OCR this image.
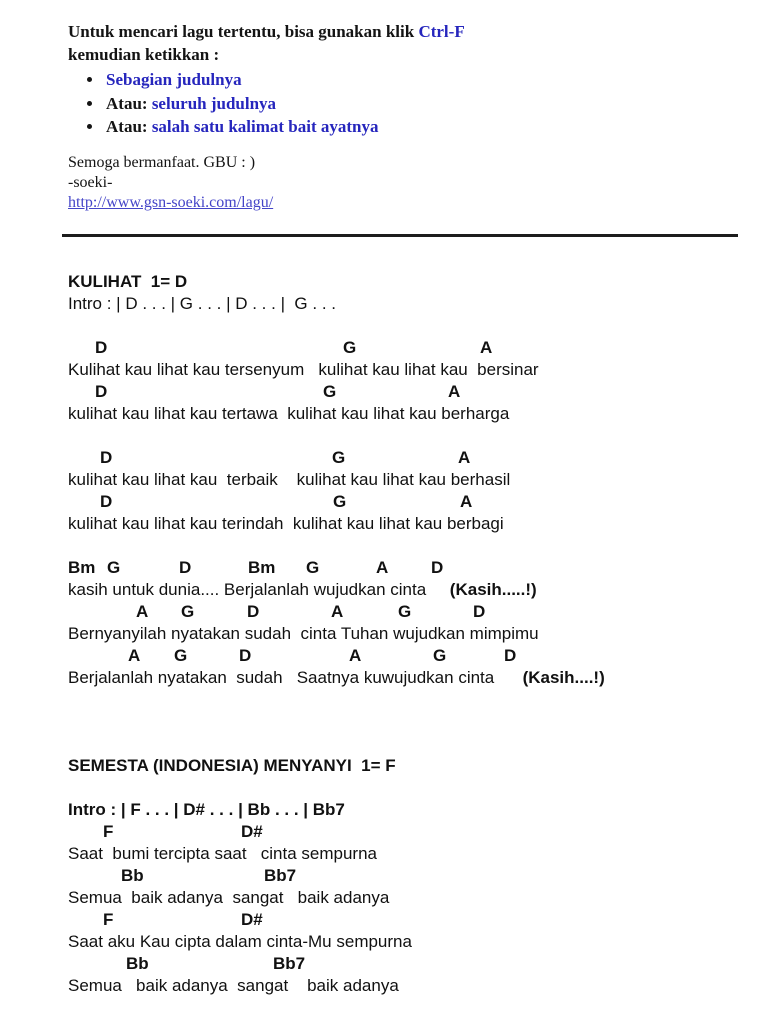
Untuk mencari lagu tertentu, bisa gunakan klik Ctrl-F
kemudian ketikkan :
• Sebagian judulnya
• Atau: seluruh judulnya
• Atau: salah satu kalimat bait ayatnya
Semoga bermanfaat. GBU : )
-soeki-
http://www.gsn-soeki.com/lagu/
KULIHAT  1= D
Intro : | D . . . | G . . . | D . . . |  G . . .

D

	G

	A

Kulihat kau lihat kau tersenyum   kulihat kau lihat kau  bersinar

D

	G

	A

kulihat kau lihat kau tertawa  kulihat kau lihat kau berharga

D

	G

	A

kulihat kau lihat kau  terbaik    kulihat kau lihat kau berhasil

D

	G

	A

kulihat kau lihat kau terindah  kulihat kau lihat kau berbagi

Bm

G

	D

	Bm

G

	A

	D

kasih untuk dunia.... Berjalanlah wujudkan cinta     (Kasih.....!)

A

G

	D

	A

	G

	D

Bernyanyilah nyatakan sudah  cinta Tuhan wujudkan mimpimu

A

G

	D

	A

	G

	D

Berjalanlah nyatakan  sudah   Saatnya kuwujudkan cinta      (Kasih....!)
SEMESTA (INDONESIA) MENYANYI  1= F
Intro : | F . . . | D# . . . | Bb . . . | Bb7

F

	D#

Saat  bumi tercipta saat   cinta sempurna

Bb

	Bb7

Semua  baik adanya  sangat   baik adanya

F

	D#

Saat aku Kau cipta dalam cinta-Mu sempurna

Bb

	Bb7

Semua   baik adanya  sangat    baik adanya
